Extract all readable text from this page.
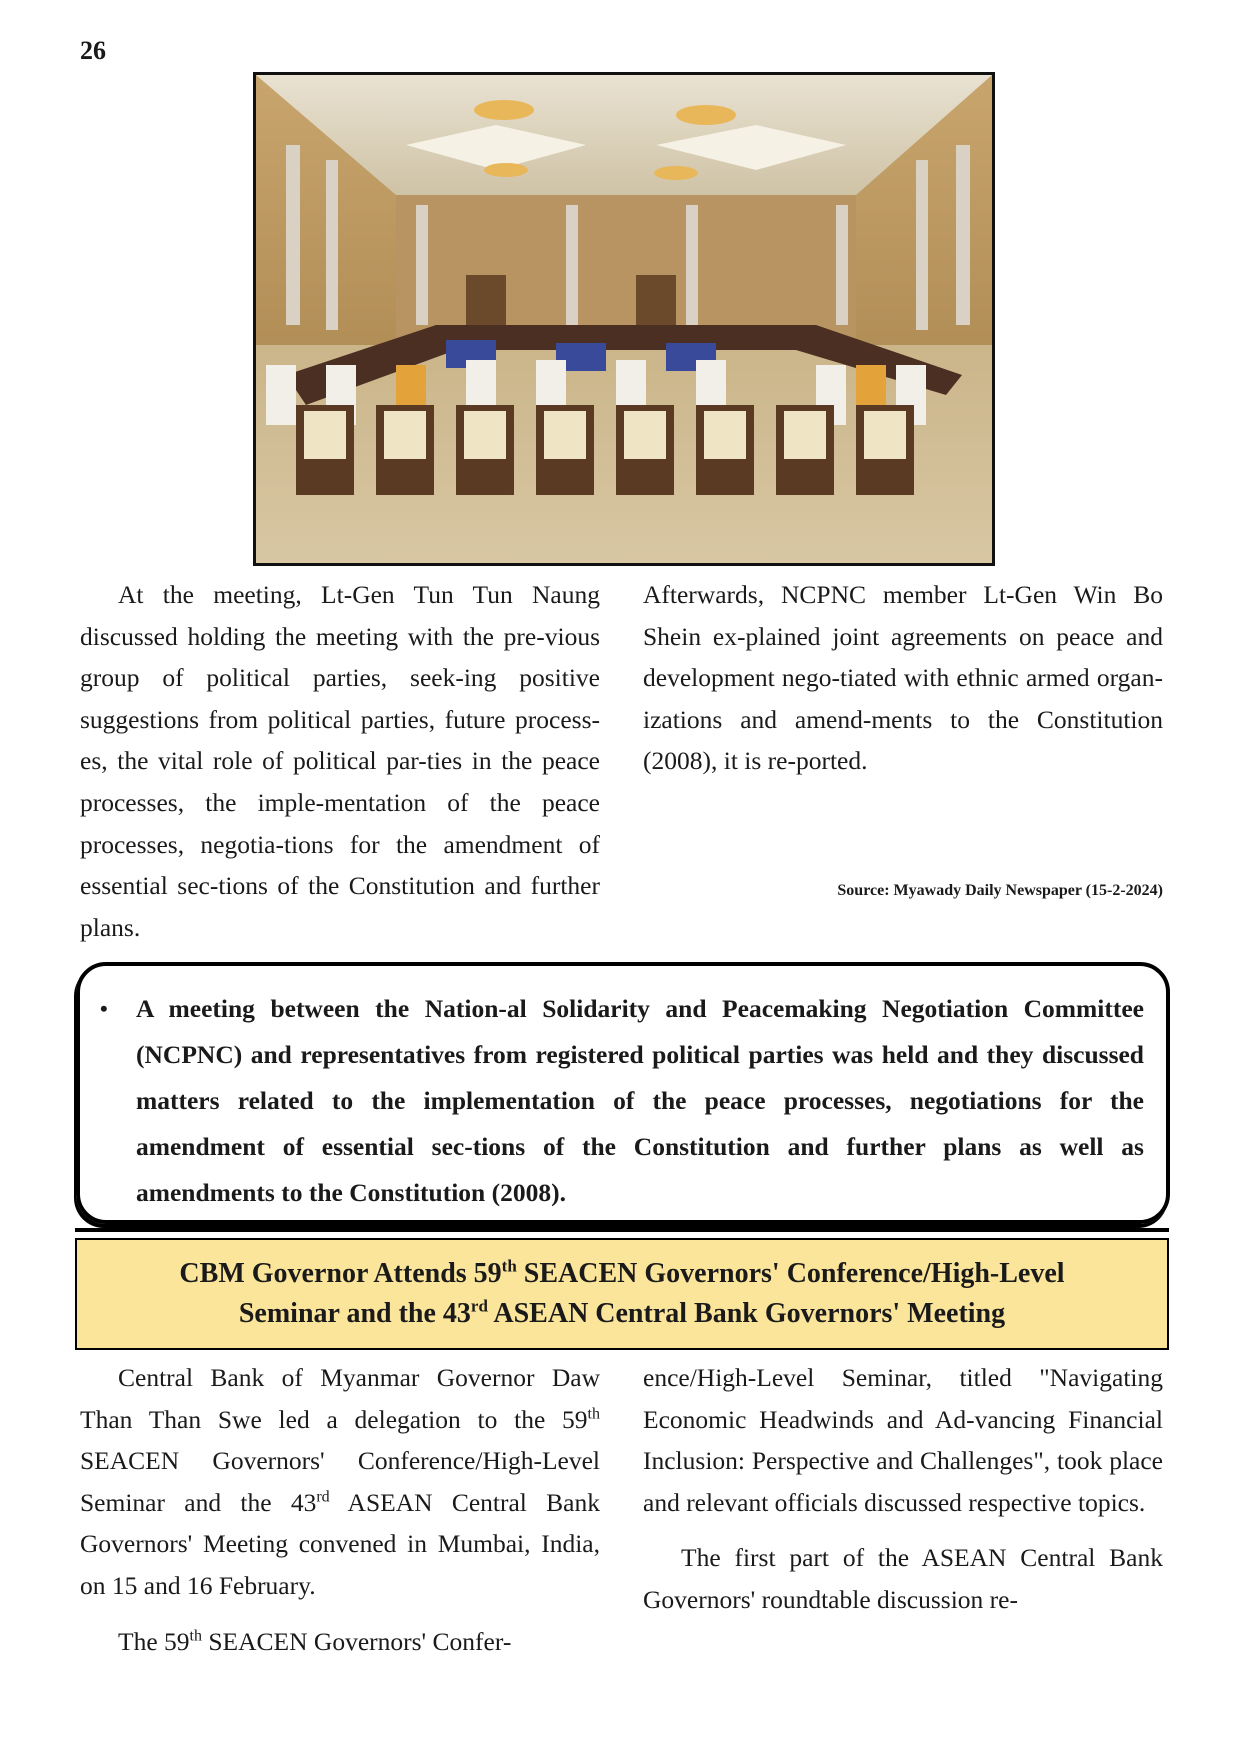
26

At the meeting, Lt-Gen Tun Tun Naung discussed holding the meeting with the pre-vious group of political parties, seek-ing positive suggestions from political parties, future process-es, the vital role of political par-ties in the peace processes, the imple-mentation of the peace processes, negotia-tions for the amendment of essential sec-tions of the Constitution and further plans.

Afterwards, NCPNC member Lt-Gen Win Bo Shein ex-plained joint agreements on peace and development nego-tiated with ethnic armed organ-izations and amend-ments to the Constitution (2008), it is re-ported.

Source: Myawady Daily Newspaper (15-2-2024)
• A meeting between the Nation-al Solidarity and Peacemaking Negotiation Committee (NCPNC) and representatives from registered political parties was held and they discussed matters related to the implementation of the peace processes, negotiations for the amendment of essential sec-tions of the Constitution and further plans as well as amendments to the Constitution (2008).
CBM Governor Attends 59th SEACEN Governors' Conference/High-Level
Seminar and the 43rd ASEAN Central Bank Governors' Meeting

Central Bank of Myanmar Governor Daw Than Than Swe led a delegation to the 59th SEACEN Governors' Conference/High-Level Seminar and the 43rd ASEAN Central Bank Governors' Meeting convened in Mumbai, India, on 15 and 16 February.

The 59th SEACEN Governors' Confer-

ence/High-Level Seminar, titled "Navigating Economic Headwinds and Ad-vancing Financial Inclusion: Perspective and Challenges", took place and relevant officials discussed respective topics.

The first part of the ASEAN Central Bank Governors' roundtable discussion re-
